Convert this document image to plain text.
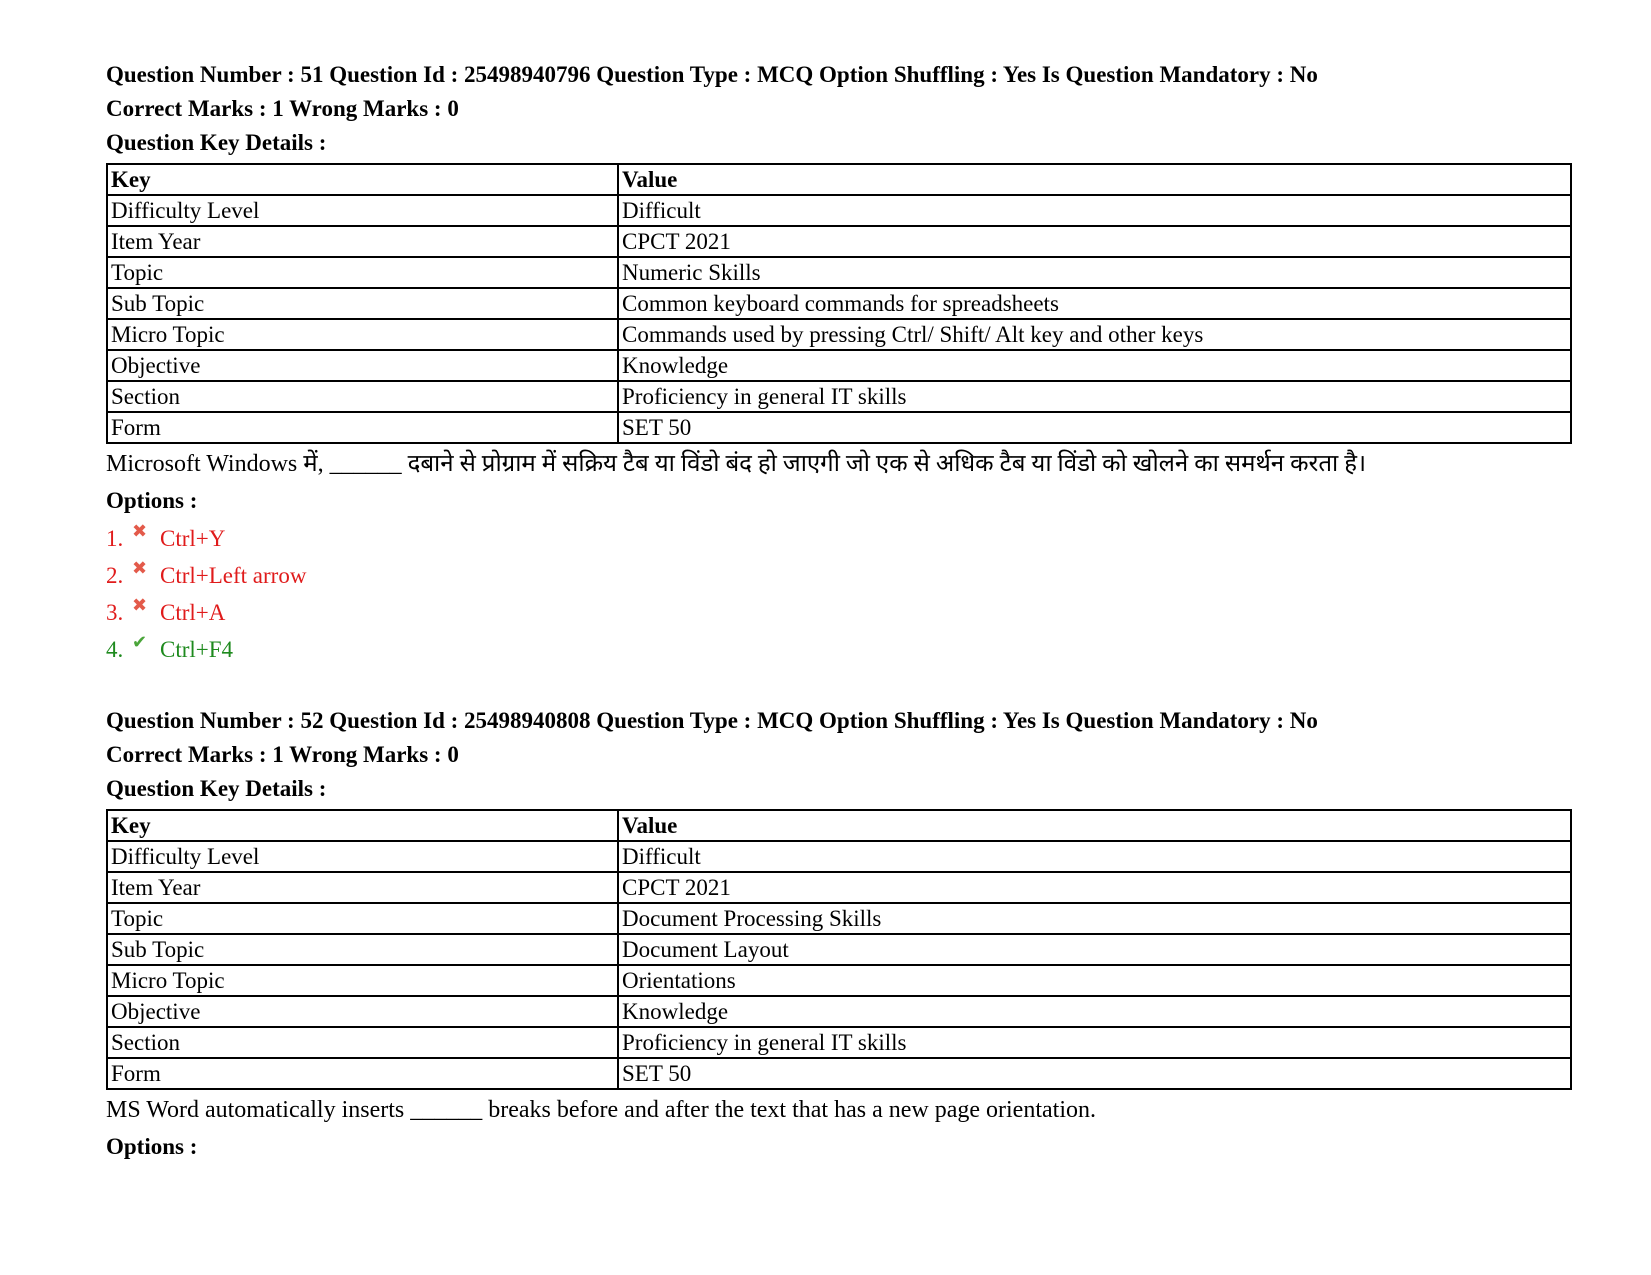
Question Number : 51 Question Id : 25498940796 Question Type : MCQ Option Shuffling : Yes Is Question Mandatory : No
Correct Marks : 1 Wrong Marks : 0
Question Key Details :
Key	Value
Difficulty Level	Difficult
Item Year	CPCT 2021
Topic	Numeric Skills
Sub Topic	Common keyboard commands for spreadsheets
Micro Topic	Commands used by pressing Ctrl/ Shift/ Alt key and other keys
Objective	Knowledge
Section	Proficiency in general IT skills
Form	SET 50
Microsoft Windows में, ______ दबाने से प्रोग्राम में सक्रिय टैब या विंडो बंद हो जाएगी जो एक से अधिक टैब या विंडो को खोलने का समर्थन करता है।
Options :
1. ✖ Ctrl+Y
2. ✖ Ctrl+Left arrow
3. ✖ Ctrl+A
4. ✔ Ctrl+F4
Question Number : 52 Question Id : 25498940808 Question Type : MCQ Option Shuffling : Yes Is Question Mandatory : No
Correct Marks : 1 Wrong Marks : 0
Question Key Details :
Key	Value
Difficulty Level	Difficult
Item Year	CPCT 2021
Topic	Document Processing Skills
Sub Topic	Document Layout
Micro Topic	Orientations
Objective	Knowledge
Section	Proficiency in general IT skills
Form	SET 50
MS Word automatically inserts ______ breaks before and after the text that has a new page orientation.
Options :
